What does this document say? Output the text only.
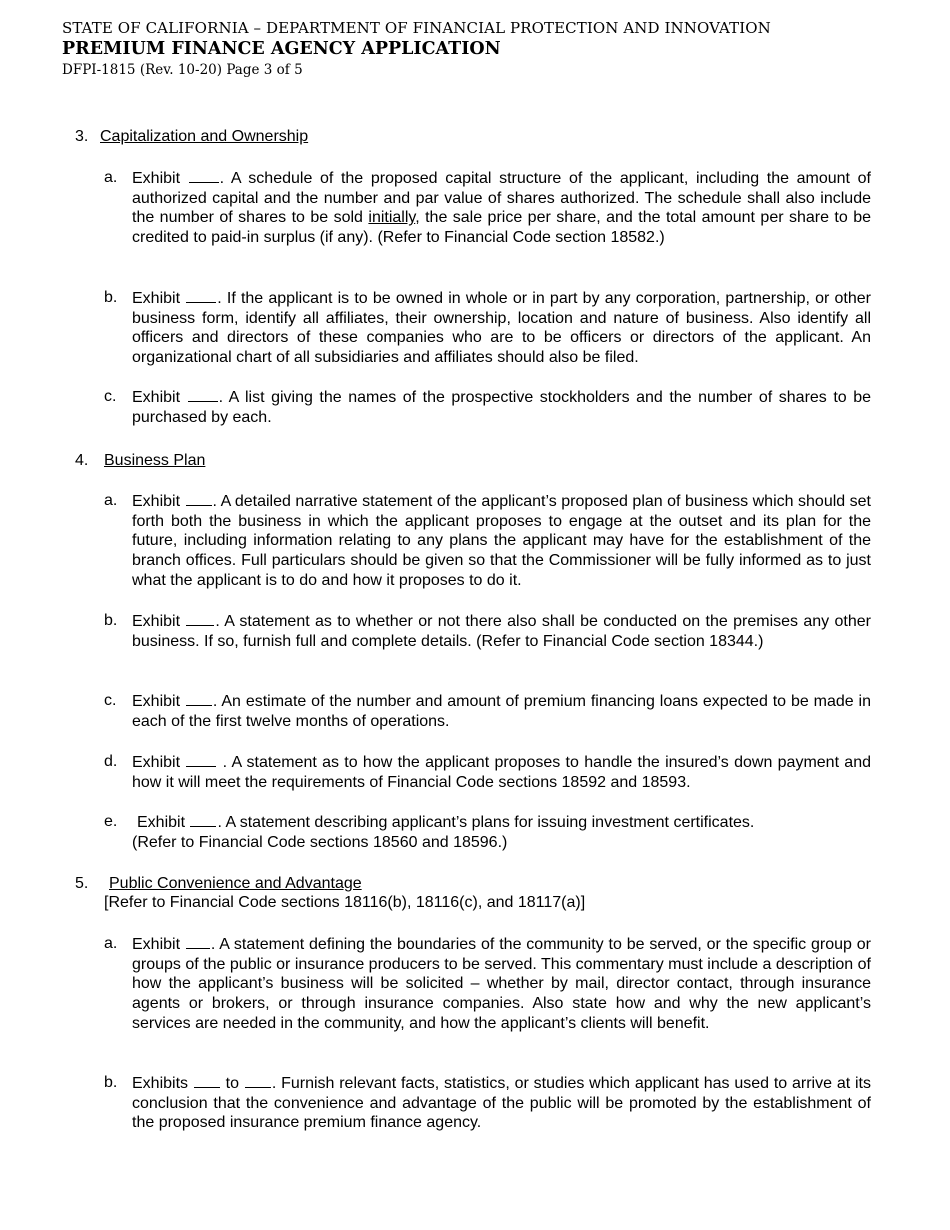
STATE OF CALIFORNIA – DEPARTMENT OF FINANCIAL PROTECTION AND INNOVATION
PREMIUM FINANCE AGENCY APPLICATION
DFPI-1815 (Rev. 10-20) Page 3 of 5
3. Capitalization and Ownership
a. Exhibit . A schedule of the proposed capital structure of the applicant, including the amount of authorized capital and the number and par value of shares authorized. The schedule shall also include the number of shares to be sold initially, the sale price per share, and the total amount per share to be credited to paid-in surplus (if any). (Refer to Financial Code section 18582.)
b. Exhibit . If the applicant is to be owned in whole or in part by any corporation, partnership, or other business form, identify all affiliates, their ownership, location and nature of business. Also identify all officers and directors of these companies who are to be officers or directors of the applicant. An organizational chart of all subsidiaries and affiliates should also be filed.
c. Exhibit . A list giving the names of the prospective stockholders and the number of shares to be purchased by each.
4. Business Plan
a. Exhibit . A detailed narrative statement of the applicant’s proposed plan of business which should set forth both the business in which the applicant proposes to engage at the outset and its plan for the future, including information relating to any plans the applicant may have for the establishment of the branch offices. Full particulars should be given so that the Commissioner will be fully informed as to just what the applicant is to do and how it proposes to do it.
b. Exhibit . A statement as to whether or not there also shall be conducted on the premises any other business. If so, furnish full and complete details. (Refer to Financial Code section 18344.)
c. Exhibit . An estimate of the number and amount of premium financing loans expected to be made in each of the first twelve months of operations.
d. Exhibit  . A statement as to how the applicant proposes to handle the insured’s down payment and how it will meet the requirements of Financial Code sections 18592 and 18593.
e.	Exhibit . A statement describing applicant’s plans for issuing investment certificates.
(Refer to Financial Code sections 18560 and 18596.)
5. Public Convenience and Advantage
[Refer to Financial Code sections 18116(b), 18116(c), and 18117(a)]
a. Exhibit . A statement defining the boundaries of the community to be served, or the specific group or groups of the public or insurance producers to be served. This commentary must include a description of how the applicant’s business will be solicited – whether by mail, director contact, through insurance agents or brokers, or through insurance companies. Also state how and why the new applicant’s services are needed in the community, and how the applicant’s clients will benefit.
b. Exhibits to . Furnish relevant facts, statistics, or studies which applicant has used to arrive at its conclusion that the convenience and advantage of the public will be promoted by the establishment of the proposed insurance premium finance agency.
